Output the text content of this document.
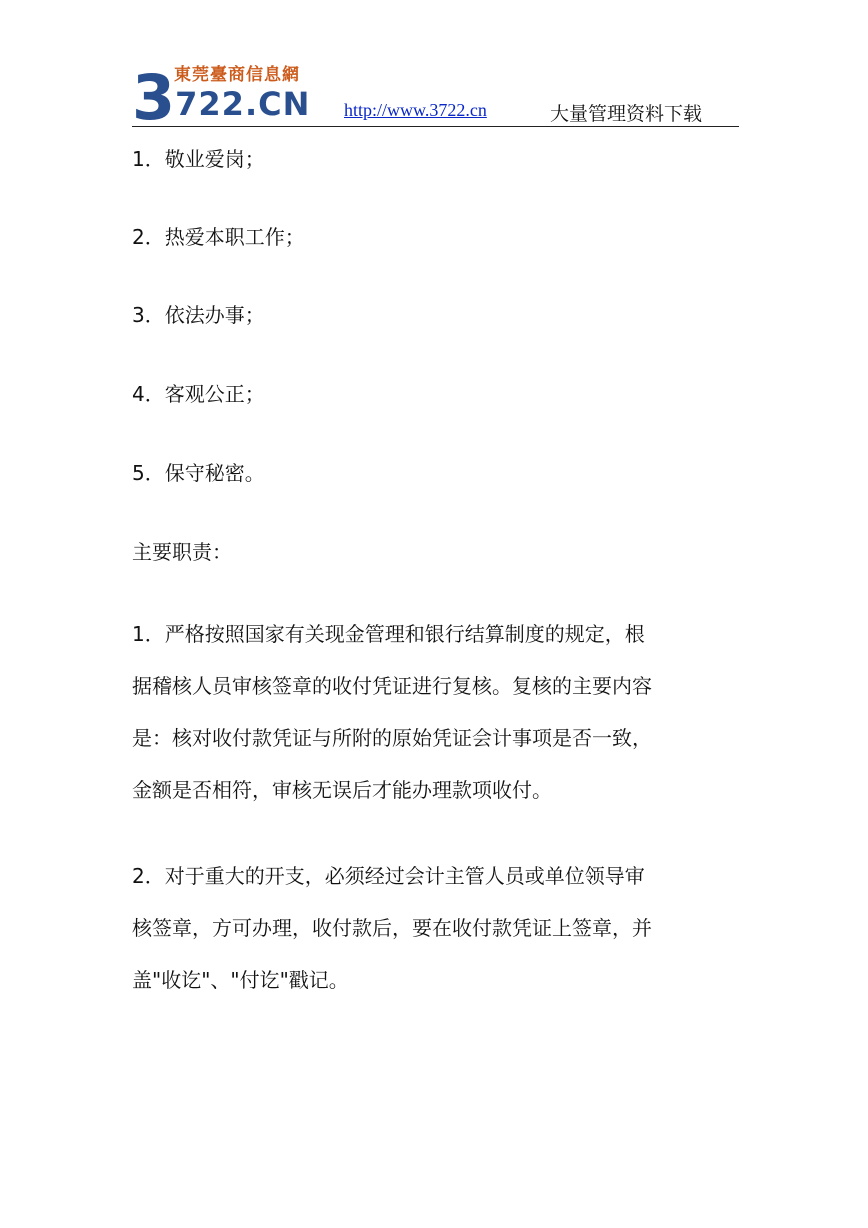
東莞臺商信息網
3722.CN http://www.3722.cn	大量管理资料下载

1．敬业爱岗；

2．热爱本职工作；

3．依法办事；

4．客观公正；

5．保守秘密。

主要职责：

1．严格按照国家有关现金管理和银行结算制度的规定，根
据稽核人员审核签章的收付凭证进行复核。复核的主要内容
是：核对收付款凭证与所附的原始凭证会计事项是否一致，
金额是否相符，审核无误后才能办理款项收付。
2．对于重大的开支，必须经过会计主管人员或单位领导审
核签章，方可办理，收付款后，要在收付款凭证上签章，并
盖"收讫"、"付讫"戳记。
